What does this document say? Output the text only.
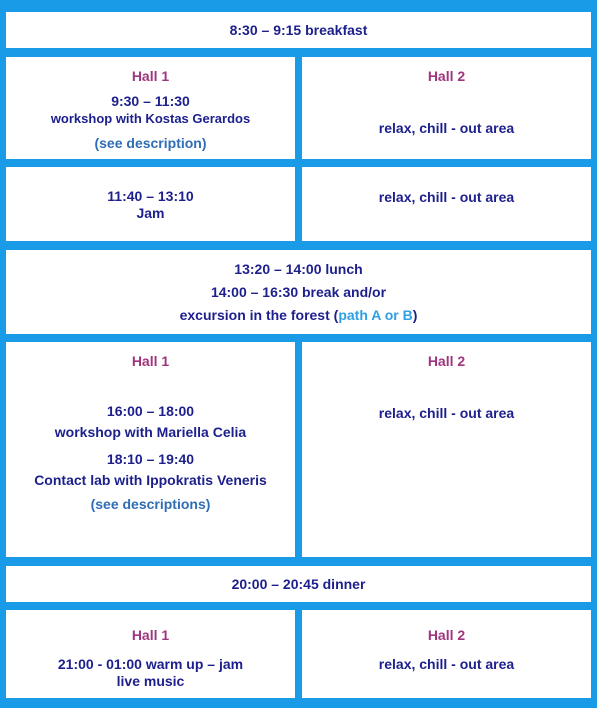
8:30 – 9:15 breakfast
Hall 1
9:30 – 11:30
workshop with Kostas Gerardos
(see description)
Hall 2
relax, chill - out area
11:40 – 13:10
Jam
relax, chill - out area
13:20 – 14:00 lunch
14:00 – 16:30 break and/or
excursion in the forest (path A or B)
Hall 1
16:00 – 18:00
workshop with Mariella Celia
18:10 – 19:40
Contact lab with Ippokratis Veneris
(see descriptions)
Hall 2
relax, chill - out area
20:00 – 20:45 dinner
Hall 1
21:00 - 01:00 warm up – jam
live music
Hall 2
relax, chill - out area
